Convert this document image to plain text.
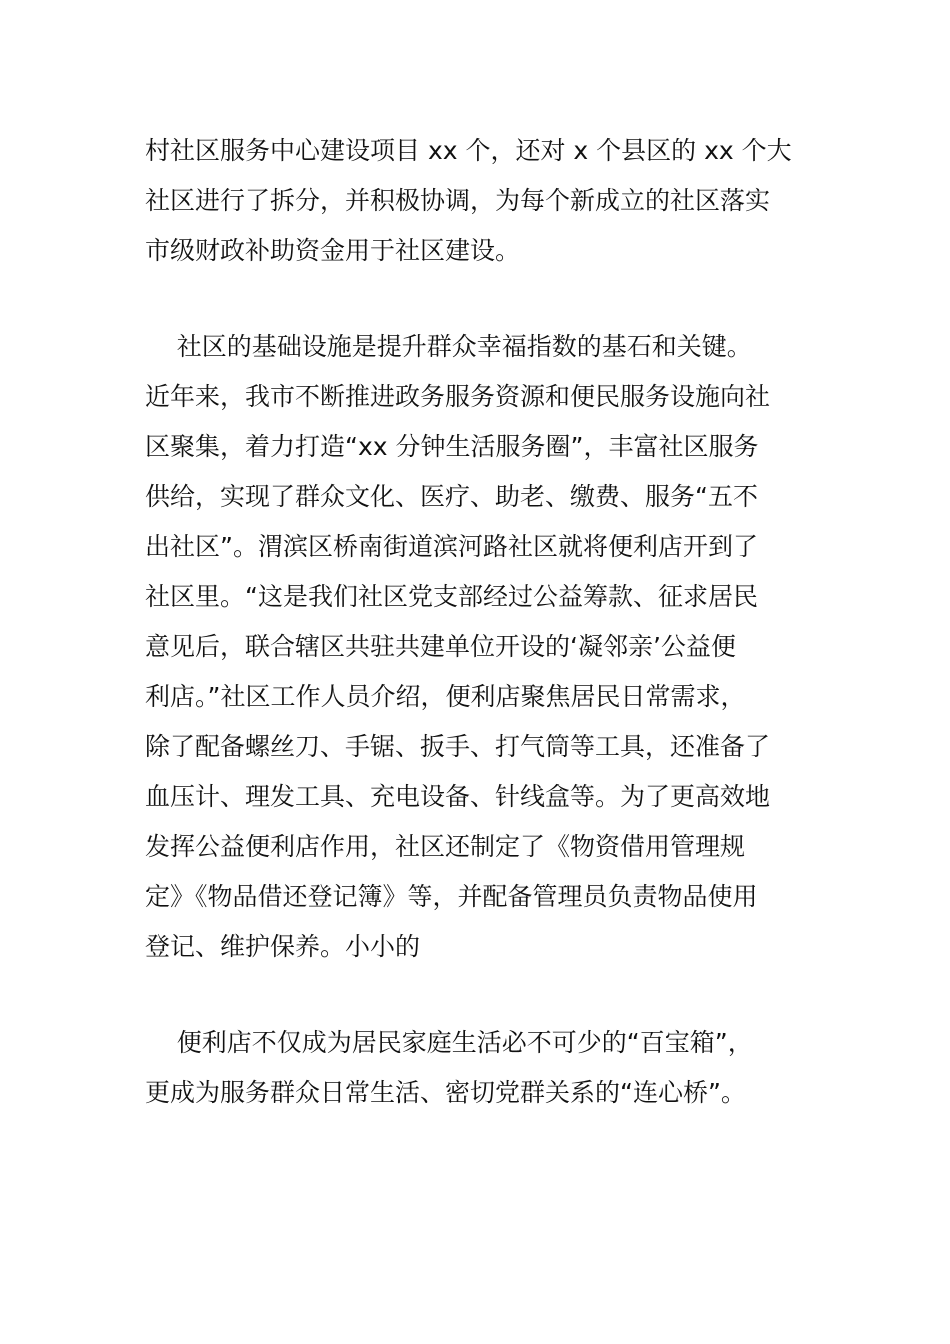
村社区服务中心建设项目 xx 个，还对 x 个县区的 xx 个大
社区进行了拆分，并积极协调，为每个新成立的社区落实
市级财政补助资金用于社区建设。
社区的基础设施是提升群众幸福指数的基石和关键。
近年来，我市不断推进政务服务资源和便民服务设施向社
区聚集，着力打造“xx 分钟生活服务圈”，丰富社区服务
供给，实现了群众文化、医疗、助老、缴费、服务“五不
出社区”。渭滨区桥南街道滨河路社区就将便利店开到了
社区里。“这是我们社区党支部经过公益筹款、征求居民
意见后，联合辖区共驻共建单位开设的‘凝邻亲’公益便
利店。”社区工作人员介绍，便利店聚焦居民日常需求，
除了配备螺丝刀、手锯、扳手、打气筒等工具，还准备了
血压计、理发工具、充电设备、针线盒等。为了更高效地
发挥公益便利店作用，社区还制定了《物资借用管理规
定》《物品借还登记簿》等，并配备管理员负责物品使用
登记、维护保养。小小的
便利店不仅成为居民家庭生活必不可少的“百宝箱”，
更成为服务群众日常生活、密切党群关系的“连心桥”。
